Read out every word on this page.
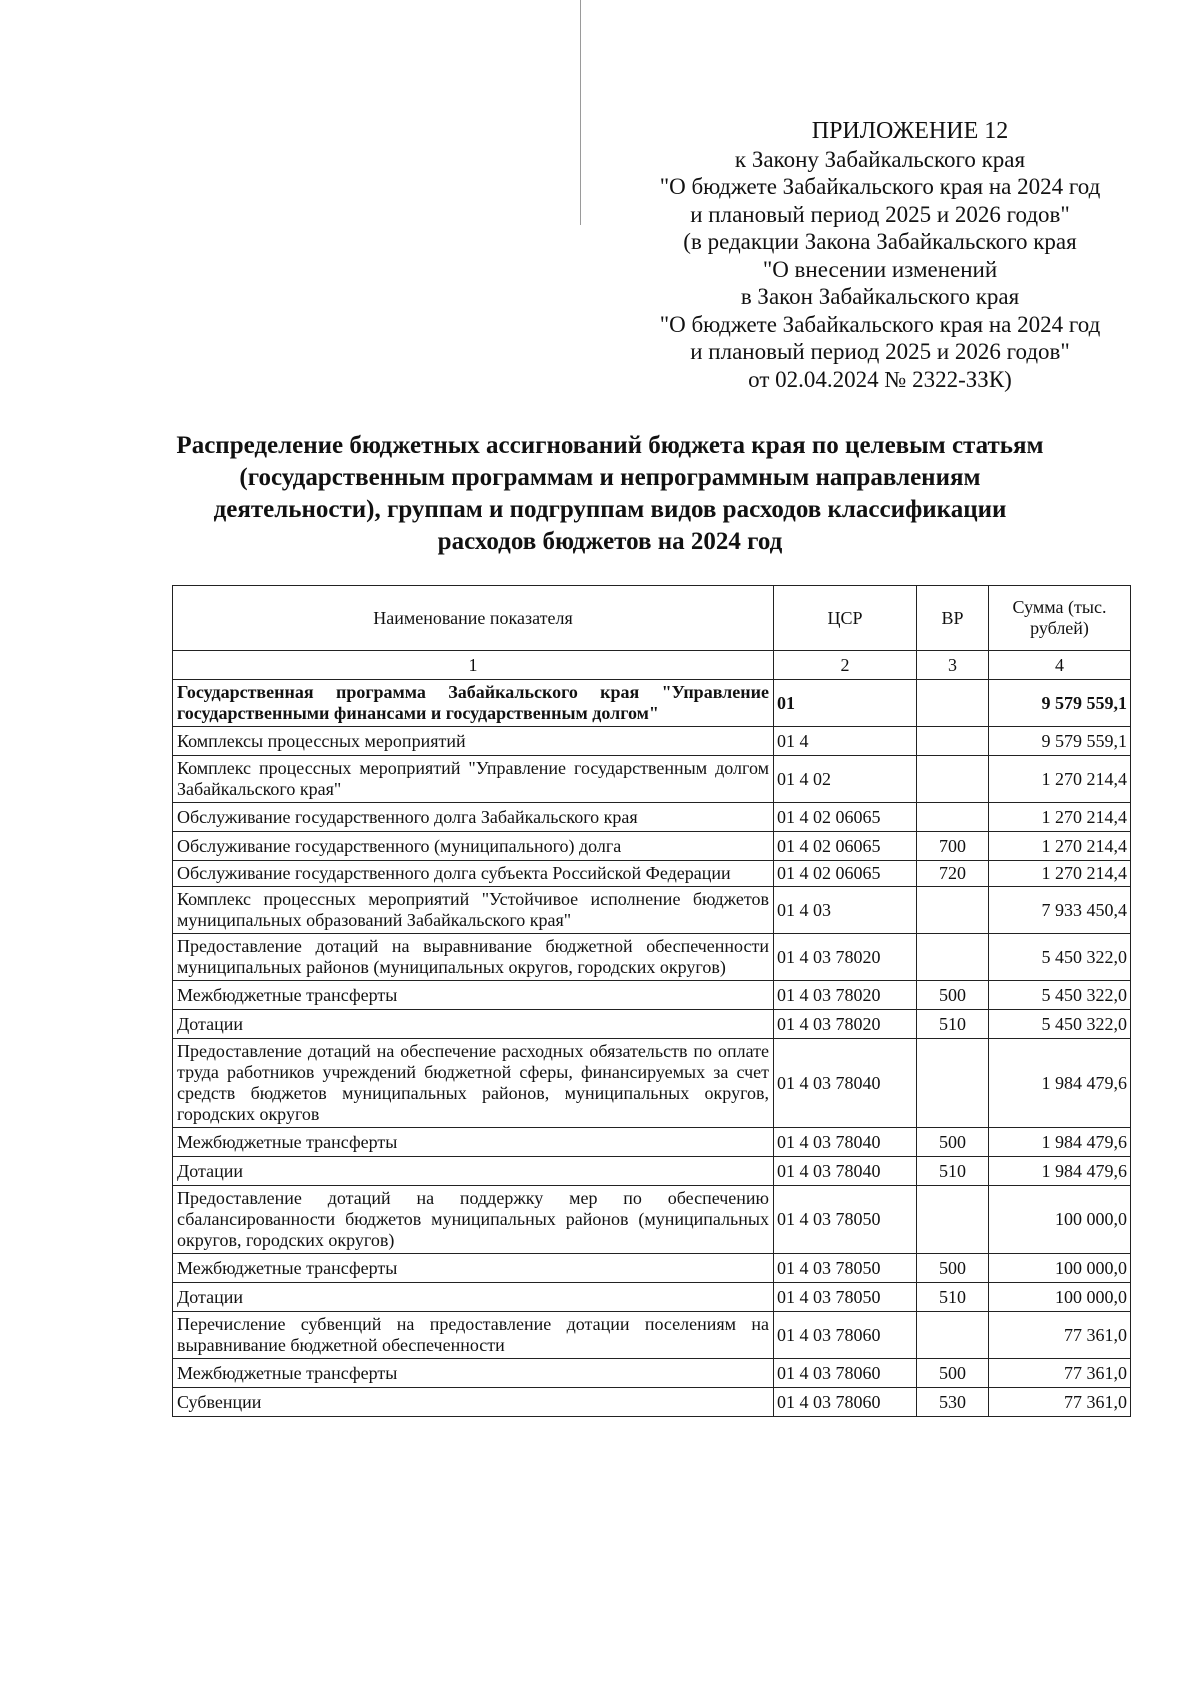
ПРИЛОЖЕНИЕ 12
к Закону Забайкальского края
"О бюджете Забайкальского края на 2024 год
и плановый период 2025 и 2026 годов"
(в редакции Закона Забайкальского края
"О внесении изменений
в Закон Забайкальского края
"О бюджете Забайкальского края на 2024 год
и плановый период 2025 и 2026 годов"
от 02.04.2024 № 2322-ЗЗК)
Распределение бюджетных ассигнований бюджета края по целевым статьям
(государственным программам и непрограммным направлениям
деятельности), группам и подгруппам видов расходов классификации
расходов бюджетов на 2024 год
Наименование показателя	ЦСР	ВР	Сумма (тыс. рублей)
1	2	3	4
Государственная программа Забайкальского края "Управление государственными финансами и государственным долгом"	01		9 579 559,1
Комплексы процессных мероприятий	01 4		9 579 559,1
Комплекс процессных мероприятий "Управление государственным долгом Забайкальского края"	01 4 02		1 270 214,4
Обслуживание государственного долга Забайкальского края	01 4 02 06065		1 270 214,4
Обслуживание государственного (муниципального) долга	01 4 02 06065	700	1 270 214,4
Обслуживание государственного долга субъекта Российской Федерации	01 4 02 06065	720	1 270 214,4
Комплекс процессных мероприятий "Устойчивое исполнение бюджетов муниципальных образований Забайкальского края"	01 4 03		7 933 450,4
Предоставление дотаций на выравнивание бюджетной обеспеченности муниципальных районов (муниципальных округов, городских округов)	01 4 03 78020		5 450 322,0
Межбюджетные трансферты	01 4 03 78020	500	5 450 322,0
Дотации	01 4 03 78020	510	5 450 322,0
Предоставление дотаций на обеспечение расходных обязательств по оплате труда работников учреждений бюджетной сферы, финансируемых за счет средств бюджетов муниципальных районов, муниципальных округов, городских округов	01 4 03 78040		1 984 479,6
Межбюджетные трансферты	01 4 03 78040	500	1 984 479,6
Дотации	01 4 03 78040	510	1 984 479,6
Предоставление дотаций на поддержку мер по обеспечению сбалансированности бюджетов муниципальных районов (муниципальных округов, городских округов)	01 4 03 78050		100 000,0
Межбюджетные трансферты	01 4 03 78050	500	100 000,0
Дотации	01 4 03 78050	510	100 000,0
Перечисление субвенций на предоставление дотации поселениям на выравнивание бюджетной обеспеченности	01 4 03 78060		77 361,0
Межбюджетные трансферты	01 4 03 78060	500	77 361,0
Субвенции	01 4 03 78060	530	77 361,0
